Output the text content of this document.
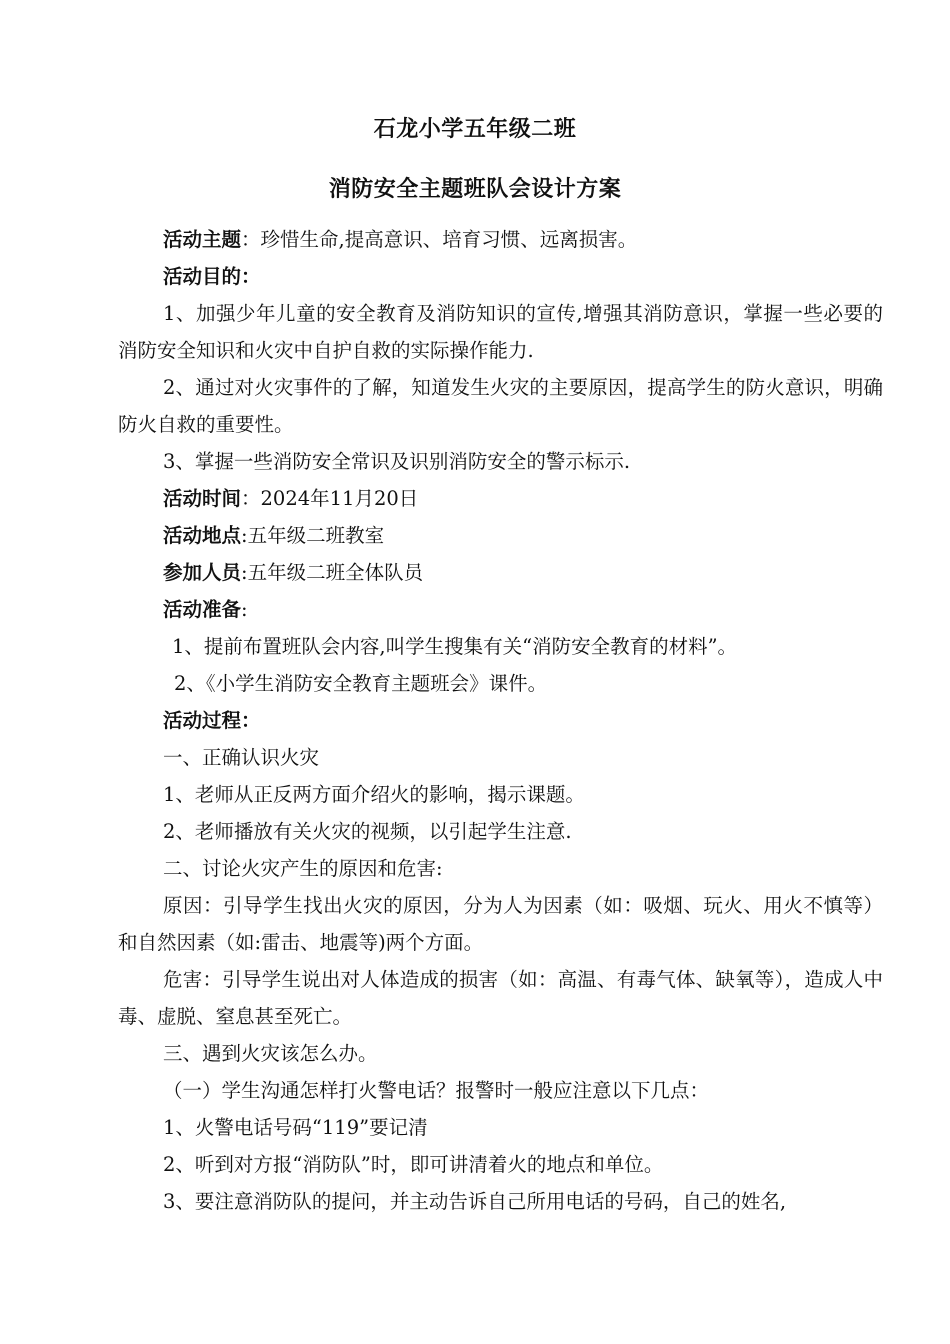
石龙小学五年级二班
消防安全主题班队会设计方案

活动主题：珍惜生命,提高意识、培育习惯、远离损害。

活动目的：

1、加强少年儿童的安全教育及消防知识的宣传,增强其消防意识，掌握一些必要的消防安全知识和火灾中自护自救的实际操作能力.

2、通过对火灾事件的了解，知道发生火灾的主要原因，提高学生的防火意识，明确防火自救的重要性。

3、掌握一些消防安全常识及识别消防安全的警示标示.

活动时间：2024年11月20日

活动地点:五年级二班教室

参加人员:五年级二班全体队员

活动准备:

1、提前布置班队会内容,叫学生搜集有关“消防安全教育的材料”。

2、《小学生消防安全教育主题班会》课件。

活动过程：

一、正确认识火灾

1、老师从正反两方面介绍火的影响，揭示课题。

2、老师播放有关火灾的视频，以引起学生注意.

二、讨论火灾产生的原因和危害:

原因：引导学生找出火灾的原因，分为人为因素（如：吸烟、玩火、用火不慎等）和自然因素（如:雷击、地震等)两个方面。

危害：引导学生说出对人体造成的损害（如：高温、有毒气体、缺氧等），造成人中毒、虚脱、窒息甚至死亡。

三、遇到火灾该怎么办。

（一）学生沟通怎样打火警电话？报警时一般应注意以下几点：

1、火警电话号码“119”要记清

2、听到对方报“消防队”时，即可讲清着火的地点和单位。

3、要注意消防队的提问，并主动告诉自己所用电话的号码，自己的姓名,
